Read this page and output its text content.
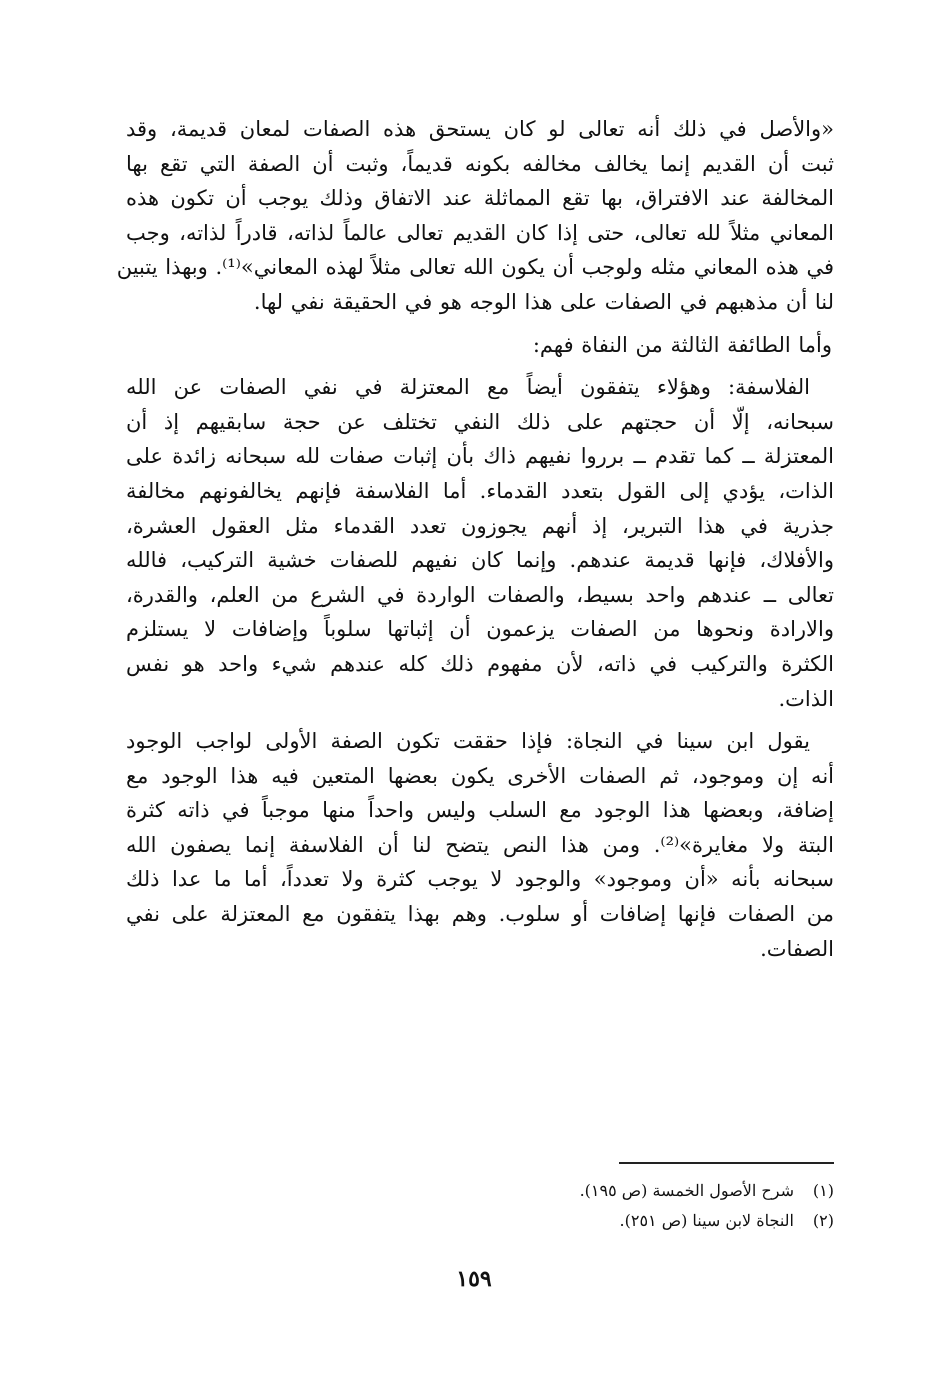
«والأصل في ذلك أنه تعالى لو كان يستحق هذه الصفات لمعان قديمة، وقد
ثبت أن القديم إنما يخالف مخالفه بكونه قديماً، وثبت أن الصفة التي تقع بها
المخالفة عند الافتراق، بها تقع المماثلة عند الاتفاق وذلك يوجب أن تكون هذه
المعاني مثلاً لله تعالى، حتى إذا كان القديم تعالى عالماً لذاته، قادراً لذاته، وجب
في هذه المعاني مثله ولوجب أن يكون الله تعالى مثلاً لهذه المعاني»⁽¹⁾. وبهذا يتبين
لنا أن مذهبهم في الصفات على هذا الوجه هو في الحقيقة نفي لها.

وأما الطائفة الثالثة من النفاة فهم:

الفلاسفة: وهؤلاء يتفقون أيضاً مع المعتزلة في نفي الصفات عن الله
سبحانه، إلّا أن حجتهم على ذلك النفي تختلف عن حجة سابقيهم إذ أن
المعتزلة ــ كما تقدم ــ برروا نفيهم ذاك بأن إثبات صفات لله سبحانه زائدة على
الذات، يؤدي إلى القول بتعدد القدماء. أما الفلاسفة فإنهم يخالفونهم مخالفة
جذرية في هذا التبرير، إذ أنهم يجوزون تعدد القدماء مثل العقول العشرة،
والأفلاك، فإنها قديمة عندهم. وإنما كان نفيهم للصفات خشية التركيب، فالله
تعالى ــ عندهم واحد بسيط، والصفات الواردة في الشرع من العلم، والقدرة،
والارادة ونحوها من الصفات يزعمون أن إثباتها سلوباً وإضافات لا يستلزم
الكثرة والتركيب في ذاته، لأن مفهوم ذلك كله عندهم شيء واحد هو نفس
الذات.

يقول ابن سينا في النجاة: فإذا حققت تكون الصفة الأولى لواجب الوجود
أنه إن وموجود، ثم الصفات الأخرى يكون بعضها المتعين فيه هذا الوجود مع
إضافة، وبعضها هذا الوجود مع السلب وليس واحداً منها موجباً في ذاته كثرة
البتة ولا مغايرة»⁽²⁾. ومن هذا النص يتضح لنا أن الفلاسفة إنما يصفون الله
سبحانه بأنه «أن وموجود» والوجود لا يوجب كثرة ولا تعدداً، أما ما عدا ذلك
من الصفات فإنها إضافات أو سلوب. وهم بهذا يتفقون مع المعتزلة على نفي
الصفات.

(١)شرح الأصول الخمسة (ص ١٩٥).
(٢)النجاة لابن سينا (ص ٢٥١).
١٥٩
